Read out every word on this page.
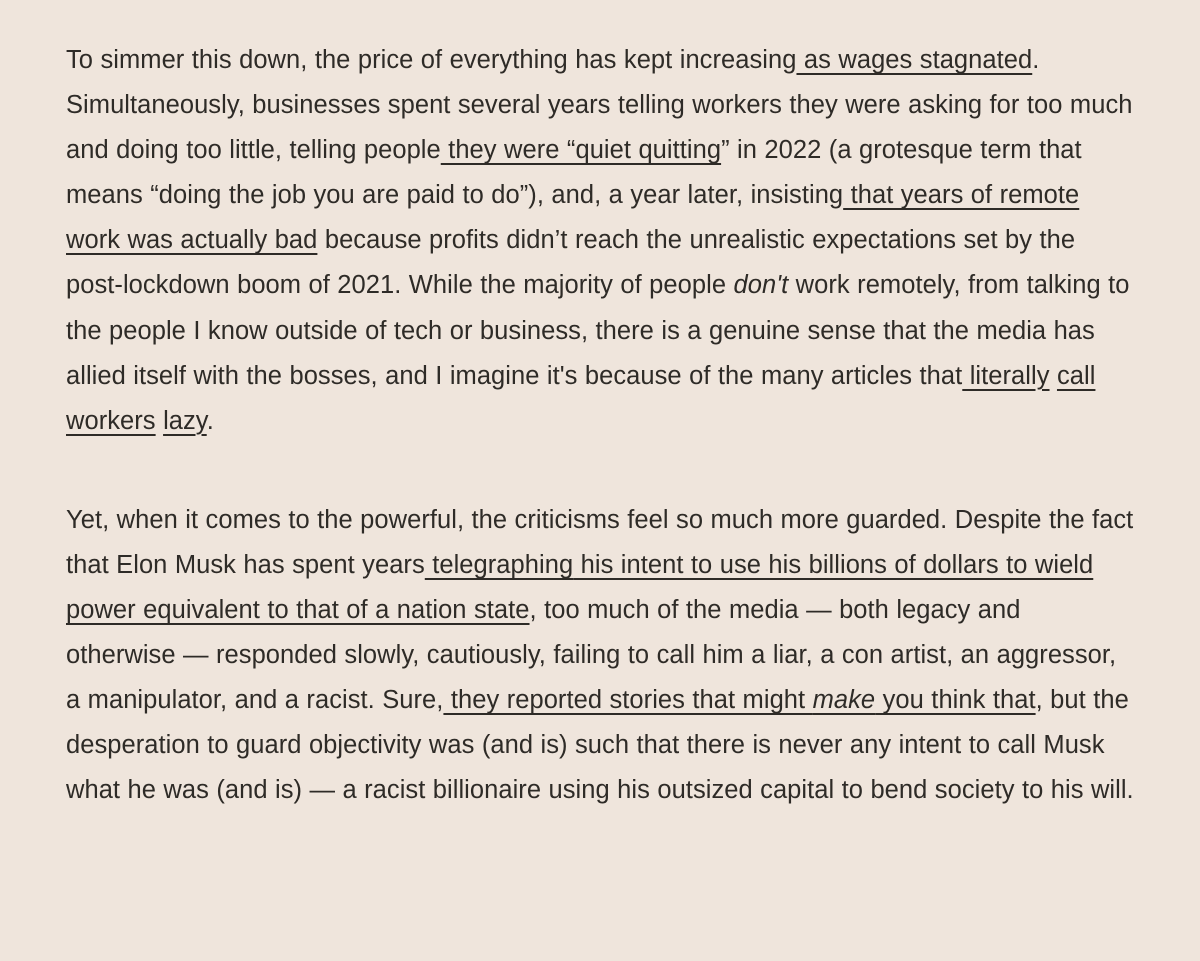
To simmer this down, the price of everything has kept increasing as wages stagnated. Simultaneously, businesses spent several years telling workers they were asking for too much and doing too little, telling people they were “quiet quitting” in 2022 (a grotesque term that means “doing the job you are paid to do”), and, a year later, insisting that years of remote work was actually bad because profits didn’t reach the unrealistic expectations set by the  post-lockdown boom of 2021. While the majority of people don't work remotely, from talking to the people I know outside of tech or business, there is a genuine sense that the media has allied itself with the bosses, and I imagine it's because of the many articles that literally call workers lazy.

Yet, when it comes to the powerful, the criticisms feel so much more guarded. Despite the fact that Elon Musk has spent years telegraphing his intent to use his billions of dollars to wield power equivalent to that of a nation state, too much of the media — both legacy and otherwise — responded slowly, cautiously, failing to call him a liar, a con artist, an aggressor, a manipulator, and a racist. Sure, they reported stories that might make you think that, but the desperation to guard objectivity was (and is) such that there is never any intent to call Musk what he was (and is) — a racist billionaire using his outsized capital to bend society to his will.
